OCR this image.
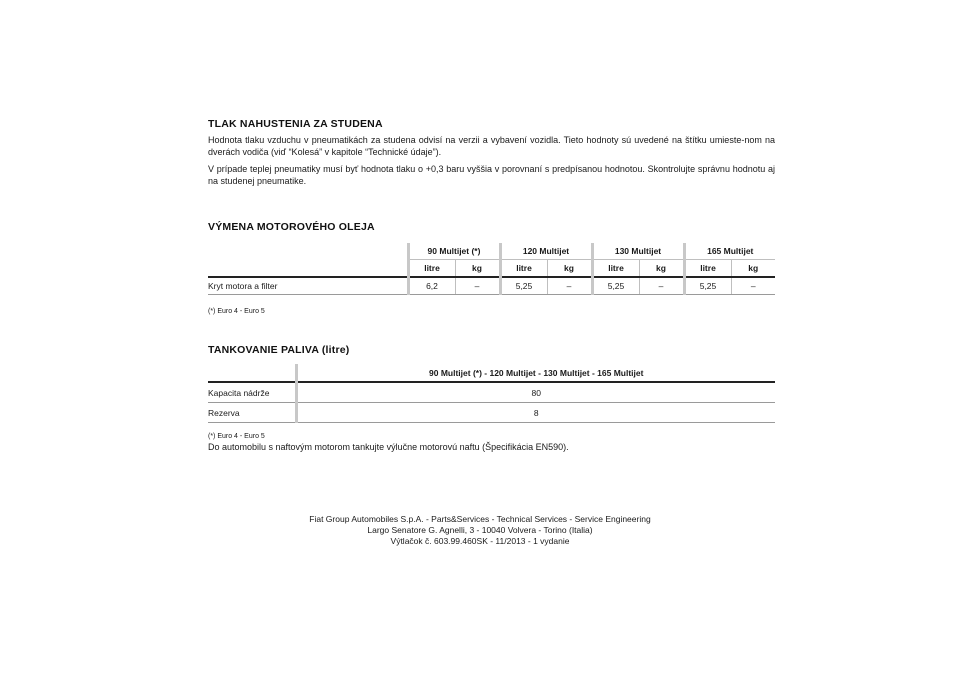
TLAK NAHUSTENIA ZA STUDENA

Hodnota tlaku vzduchu v pneumatikách za studena odvisí na verzii a vybavení vozidla. Tieto hodnoty sú uvedené na štítku umieste-nom na dverách vodiča (viď “Kolesá” v kapitole “Technické údaje”).

V prípade teplej pneumatiky musí byť hodnota tlaku o +0,3 baru vyššia v porovnaní s predpísanou hodnotou. Skontrolujte správnu hodnotu aj na studenej pneumatike.

VÝMENA MOTOROVÉHO OLEJA
	90 Multijet (*)		120 Multijet		130 Multijet		165 Multijet	
	litre	kg	litre	kg	litre	kg	litre	kg
Kryt motora a filter	6,2	–	5,25	–	5,25	–	5,25	–
(*) Euro 4 - Euro 5
TANKOVANIE PALIVA (litre)
	90 Multijet (*) - 120 Multijet - 130 Multijet - 165 Multijet
Kapacita nádrže	80
Rezerva	8
(*) Euro 4 - Euro 5

Do automobilu s naftovým motorom tankujte výlučne motorovú naftu (Špecifikácia EN590).

Fiat Group Automobiles S.p.A. - Parts&Services - Technical Services - Service Engineering
Largo Senatore G. Agnelli, 3 - 10040 Volvera - Torino (Italia)
Výtlačok č. 603.99.460SK - 11/2013 - 1 vydanie
